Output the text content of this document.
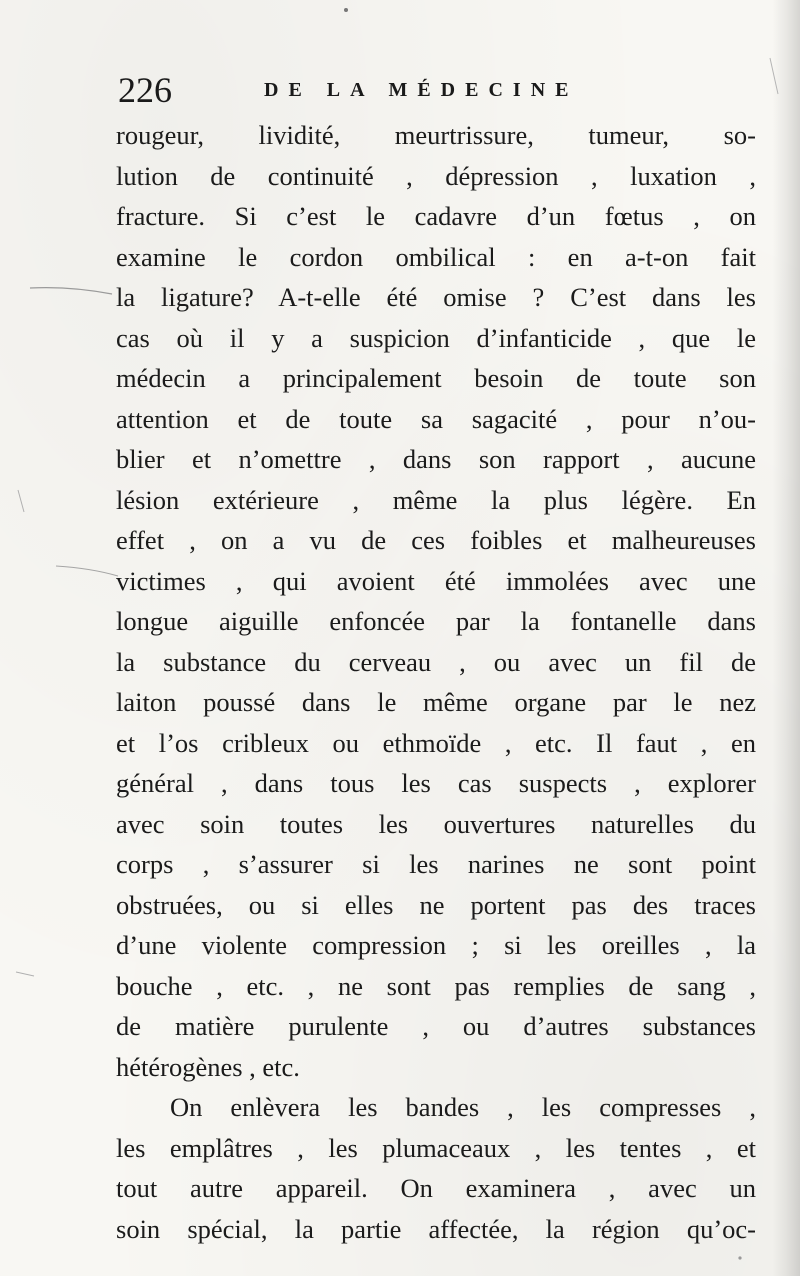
226	DE LA MÉDECINE
rougeur, lividité, meurtrissure, tumeur, so-
lution de continuité , dépression , luxation ,
fracture. Si c’est le cadavre d’un fœtus , on
examine le cordon ombilical : en a-t-on fait
la ligature? A-t-elle été omise ? C’est dans les
cas où il y a suspicion d’infanticide , que le
médecin a principalement besoin de toute son
attention et de toute sa sagacité , pour n’ou-
blier et n’omettre , dans son rapport , aucune
lésion extérieure , même la plus légère. En
effet , on a vu de ces foibles et malheureuses
victimes , qui avoient été immolées avec une
longue aiguille enfoncée par la fontanelle dans
la substance du cerveau , ou avec un fil de
laiton poussé dans le même organe par le nez
et l’os cribleux ou ethmoïde , etc. Il faut , en
général , dans tous les cas suspects , explorer
avec soin toutes les ouvertures naturelles du
corps , s’assurer si les narines ne sont point
obstruées, ou si elles ne portent pas des traces
d’une violente compression ; si les oreilles , la
bouche , etc. , ne sont pas remplies de sang ,
de matière purulente , ou d’autres substances
hétérogènes , etc.
On enlèvera les bandes , les compresses ,
les emplâtres , les plumaceaux , les tentes , et
tout autre appareil. On examinera , avec un
soin spécial, la partie affectée, la région qu’oc-
